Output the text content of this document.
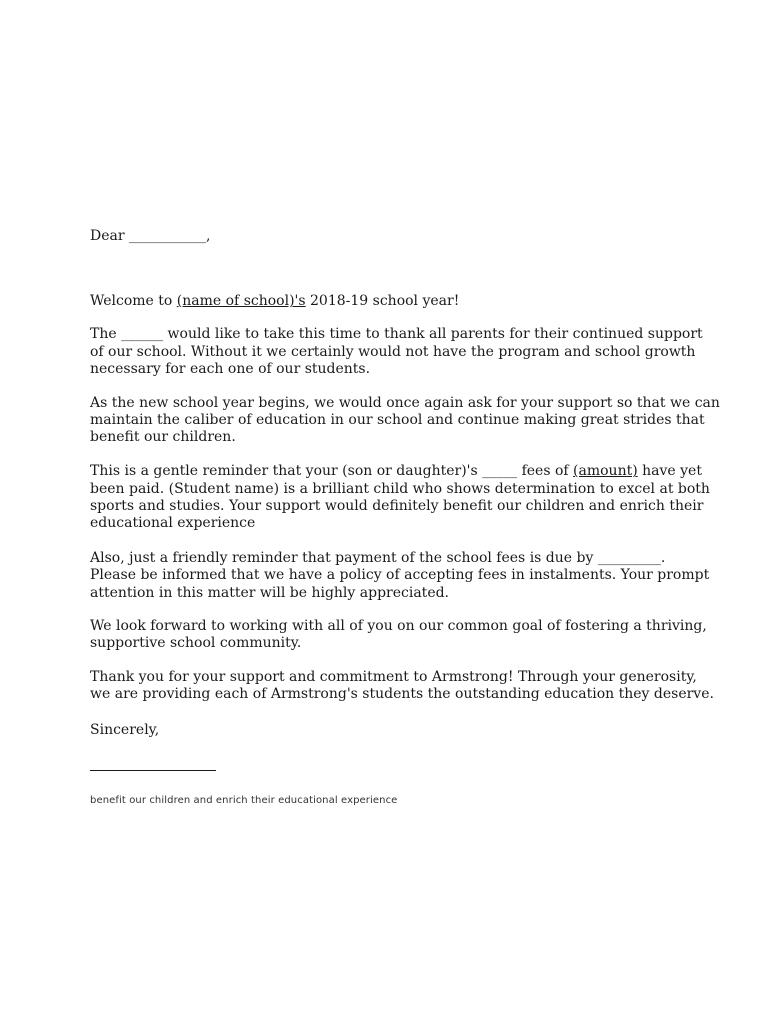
Dear ___________,
Welcome to (name of school)'s 2018-19 school year!
The ______ would like to take this time to thank all parents for their continued support
of our school. Without it we certainly would not have the program and school growth
necessary for each one of our students.
As the new school year begins, we would once again ask for your support so that we can
maintain the caliber of education in our school and continue making great strides that
benefit our children.
This is a gentle reminder that your (son or daughter)'s _____ fees of (amount) have yet
been paid. (Student name) is a brilliant child who shows determination to excel at both
sports and studies. Your support would definitely benefit our children and enrich their
educational experience
Also, just a friendly reminder that payment of the school fees is due by _________.
Please be informed that we have a policy of accepting fees in instalments. Your prompt
attention in this matter will be highly appreciated.
We look forward to working with all of you on our common goal of fostering a thriving,
supportive school community.
Thank you for your support and commitment to Armstrong! Through your generosity,
we are providing each of Armstrong's students the outstanding education they deserve.
Sincerely,
benefit our children and enrich their educational experience
